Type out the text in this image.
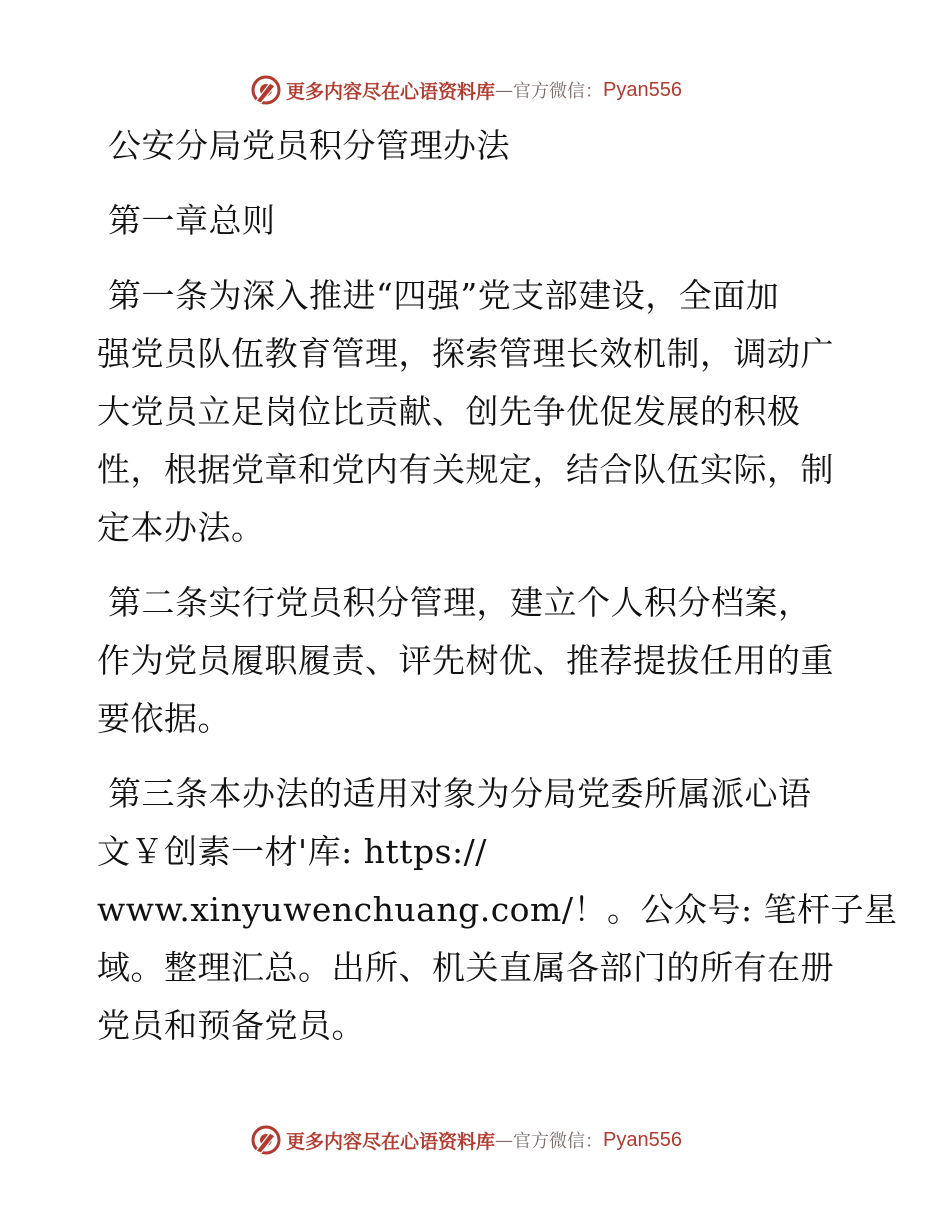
更多内容尽在心语资料库 — 官方微信： Pyan556
公安分局党员积分管理办法
第一章总则
第一条为深入推进“四强”党支部建设，全面加
强党员队伍教育管理，探索管理长效机制，调动广
大党员立足岗位比贡献、创先争优促发展的积极
性，根据党章和党内有关规定，结合队伍实际，制
定本办法。
第二条实行党员积分管理，建立个人积分档案，
作为党员履职履责、评先树优、推荐提拔任用的重
要依据。
第三条本办法的适用对象为分局党委所属派心语
文￥创素一材'库: https://
www.xinyuwenchuang.com/！。公众号: 笔杆子星
域。整理汇总。出所、机关直属各部门的所有在册
党员和预备党员。
更多内容尽在心语资料库 — 官方微信： Pyan556
